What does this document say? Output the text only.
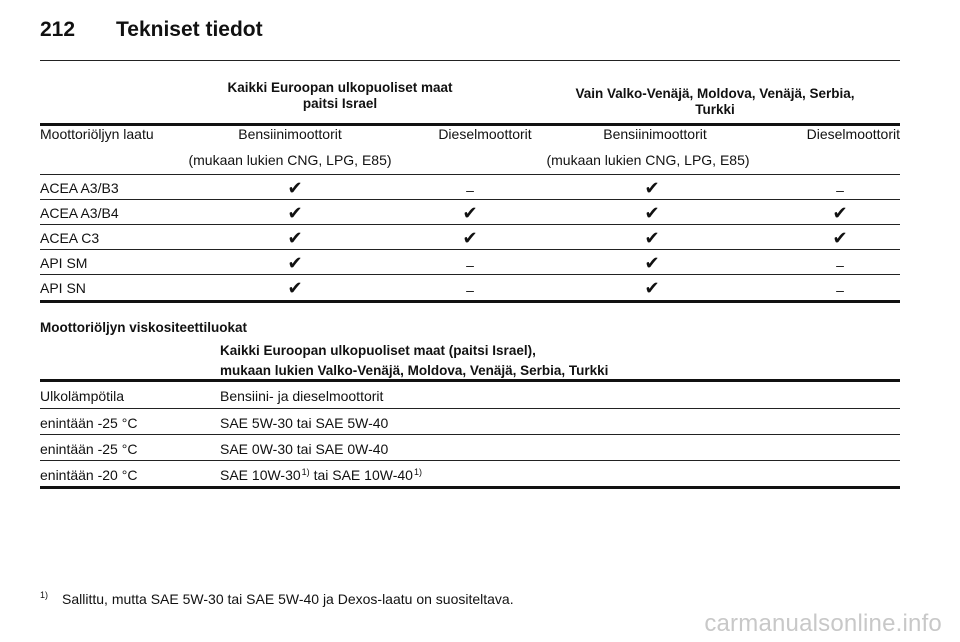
212 Tekniset tiedot
Kaikki Euroopan ulkopuoliset maat
paitsi Israel
Vain Valko-Venäjä, Moldova, Venäjä, Serbia,
Turkki
Moottoriöljyn laatu	Bensiinimoottorit	Dieselmoottorit	Bensiinimoottorit	Dieselmoottorit
(mukaan lukien CNG, LPG, E85)	(mukaan lukien CNG, LPG, E85)
ACEA A3/B3	✔	–	✔	–
ACEA A3/B4	✔	✔	✔	✔
ACEA C3	✔	✔	✔	✔
API SM	✔	–	✔	–
API SN	✔	–	✔	–
Moottoriöljyn viskositeettiluokat
Kaikki Euroopan ulkopuoliset maat (paitsi Israel),
mukaan lukien Valko-Venäjä, Moldova, Venäjä, Serbia, Turkki
Ulkolämpötila	Bensiini- ja dieselmoottorit
enintään -25 °C	SAE 5W-30 tai SAE 5W-40
enintään -25 °C	SAE 0W-30 tai SAE 0W-40
enintään -20 °C	SAE 10W-30$^{1)}$ tai SAE 10W-40$^{1)}$
$^{1)}$ Sallittu, mutta SAE 5W-30 tai SAE 5W-40 ja Dexos-laatu on suositeltava.
carmanualsonline.info
